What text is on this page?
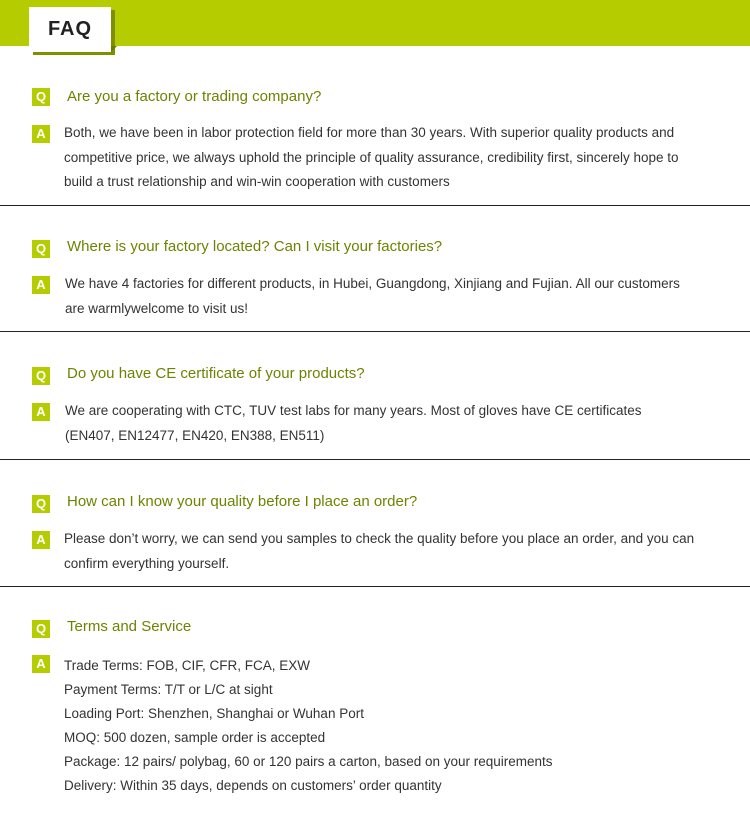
FAQ
Q Are you a factory or trading company?
A	Both, we have been in labor protection field for more than 30 years. With superior quality products and
competitive price, we always uphold the principle of quality assurance, credibility first, sincerely hope to
build a trust relationship and win-win cooperation with customers
Q Where is your factory located? Can I visit your factories?
A	We have 4 factories for different products, in Hubei, Guangdong, Xinjiang and Fujian. All our customers
are warmlywelcome to visit us!
Q Do you have CE certificate of your products?
A	We are cooperating with CTC, TUV test labs for many years. Most of gloves have CE certificates
(EN407, EN12477, EN420, EN388, EN511)
Q How can I know your quality before I place an order?
A	Please don’t worry, we can send you samples to check the quality before you place an order, and you can
confirm everything yourself.
Q Terms and Service
A	Trade Terms: FOB, CIF, CFR, FCA, EXW
Payment Terms: T/T or L/C at sight
Loading Port: Shenzhen, Shanghai or Wuhan Port
MOQ: 500 dozen, sample order is accepted
Package: 12 pairs/ polybag, 60 or 120 pairs a carton, based on your requirements
Delivery: Within 35 days, depends on customers’ order quantity
